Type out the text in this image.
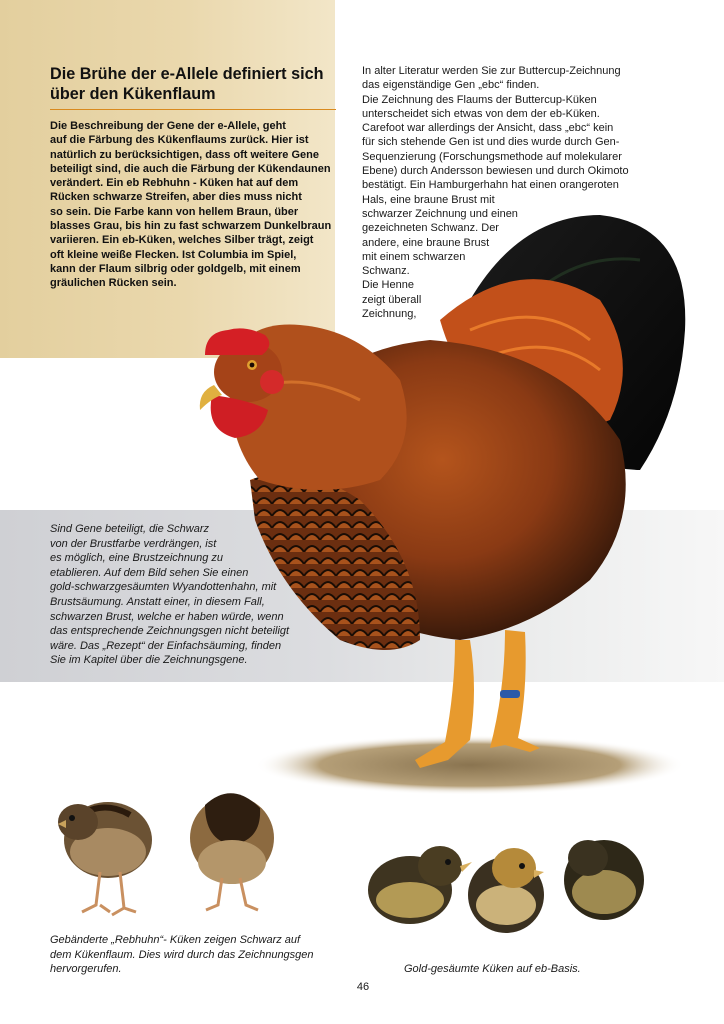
Die Brühe der e-Allele definiert sich
über den Kükenflaum
Die Beschreibung der Gene der e-Allele, geht
auf die Färbung des Kükenflaums zurück. Hier ist
natürlich zu berücksichtigen, dass oft weitere Gene
beteiligt sind, die auch die Färbung der Kükendaunen
verändert. Ein eb Rebhuhn - Küken hat auf dem
Rücken schwarze Streifen, aber dies muss nicht
so sein. Die Farbe kann von hellem Braun, über
blasses Grau, bis hin zu fast schwarzem Dunkelbraun
variieren. Ein eb-Küken, welches Silber trägt, zeigt
oft kleine weiße Flecken. Ist Columbia im Spiel,
kann der Flaum silbrig oder goldgelb, mit einem
gräulichen Rücken sein.
In alter Literatur werden Sie zur Buttercup-Zeichnung
das eigenständige Gen „ebc“ finden.
Die Zeichnung des Flaums der Buttercup-Küken
unterscheidet sich etwas von dem der eb-Küken.
Carefoot war allerdings der Ansicht, dass „ebc“ kein
für sich stehende Gen ist und dies wurde durch Gen-
Sequenzierung (Forschungsmethode auf molekularer
Ebene) durch Andersson bewiesen und durch Okimoto
bestätigt. Ein Hamburgerhahn hat einen orangeroten
Hals, eine braune Brust mit
schwarzer Zeichnung und einen
gezeichneten Schwanz. Der
andere, eine braune Brust
mit einem schwarzen
Schwanz.
Die Henne
zeigt überall
Zeichnung,
Sind Gene beteiligt, die Schwarz
von der Brustfarbe verdrängen, ist
es möglich, eine Brustzeichnung zu
etablieren. Auf dem Bild sehen Sie einen
gold-schwarzgesäumten Wyandottenhahn, mit
Brustsäumung. Anstatt einer, in diesem Fall,
schwarzen Brust, welche er haben würde, wenn
das entsprechende Zeichnungsgen nicht beteiligt
wäre. Das „Rezept“ der Einfachsäuming, finden
Sie im Kapitel über die Zeichnungsgene.
Gebänderte „Rebhuhn“- Küken zeigen Schwarz auf
dem Kükenflaum. Dies wird durch das Zeichnungsgen
hervorgerufen.	Gold-gesäumte Küken auf eb-Basis.
46
